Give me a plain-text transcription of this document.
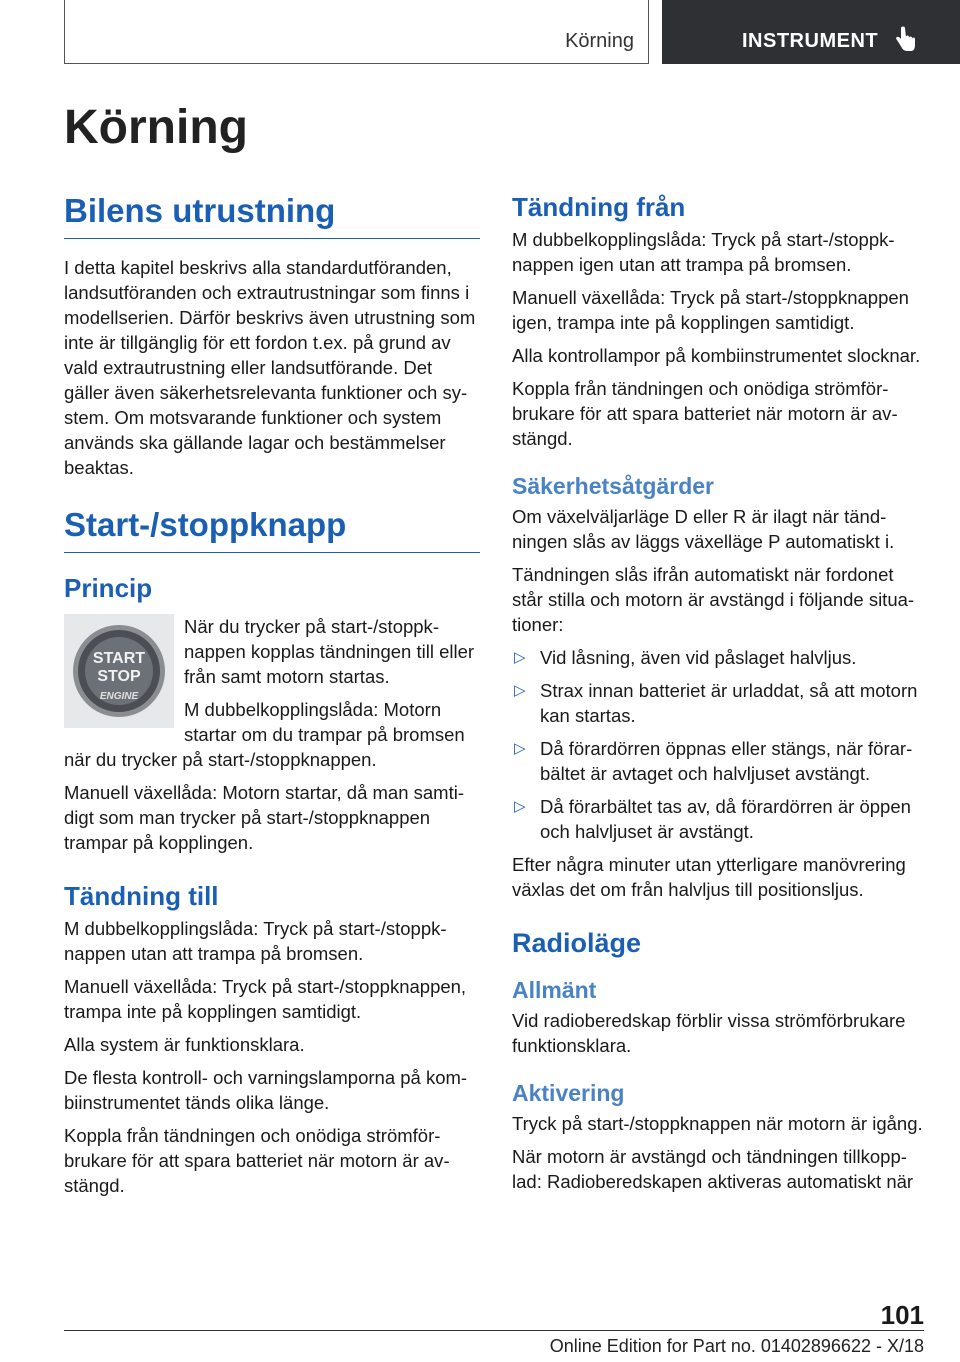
Körning	INSTRUMENT
Körning
Bilens utrustning

I detta kapitel beskrivs alla standardutföranden, landsutföranden och extrautrustningar som finns i modellserien. Därför beskrivs även utrustning som inte är tillgänglig för ett fordon t.ex. på grund av vald extrautrustning eller landsutförande. Det gäller även säkerhetsrelevanta funktioner och system. Om motsvarande funktioner och system används ska gällande lagar och bestämmelser beaktas.

Start-/stoppknapp
Princip
START
STOP
ENGINE

När du trycker på start-/stoppknappen kopplas tändningen till eller från samt motorn startas.

M dubbelkopplingslåda: Motorn startar om du trampar på bromsen när du trycker på start-/stoppknappen.

Manuell växellåda: Motorn startar, då man samtidigt som man trycker på start-/stoppknappen trampar på kopplingen.

Tändning till

M dubbelkopplingslåda: Tryck på start-/stoppknappen utan att trampa på bromsen.

Manuell växellåda: Tryck på start-/stoppknappen, trampa inte på kopplingen samtidigt.

Alla system är funktionsklara.

De flesta kontroll- och varningslamporna på kombiinstrumentet tänds olika länge.

Koppla från tändningen och onödiga strömförbrukare för att spara batteriet när motorn är avstängd.

Tändning från

M dubbelkopplingslåda: Tryck på start-/stoppknappen igen utan att trampa på bromsen.

Manuell växellåda: Tryck på start-/stoppknappen igen, trampa inte på kopplingen samtidigt.

Alla kontrollampor på kombiinstrumentet slocknar.

Koppla från tändningen och onödiga strömförbrukare för att spara batteriet när motorn är avstängd.

Säkerhetsåtgärder

Om växelväljarläge D eller R är ilagt när tändningen slås av läggs växelläge P automatiskt i.

Tändningen slås ifrån automatiskt när fordonet står stilla och motorn är avstängd i följande situationer:

▷ Vid låsning, även vid påslaget halvljus.
▷ Strax innan batteriet är urladdat, så att motorn kan startas.
▷ Då förardörren öppnas eller stängs, när förarbältet är avtaget och halvljuset avstängt.
▷ Då förarbältet tas av, då förardörren är öppen och halvljuset är avstängt.

Efter några minuter utan ytterligare manövrering växlas det om från halvljus till positionsljus.

Radioläge
Allmänt

Vid radioberedskap förblir vissa strömförbrukare funktionsklara.

Aktivering

Tryck på start-/stoppknappen när motorn är igång.

När motorn är avstängd och tändningen tillkopplad: Radioberedskapen aktiveras automatiskt när

101
Online Edition for Part no. 01402896622 - X/18
